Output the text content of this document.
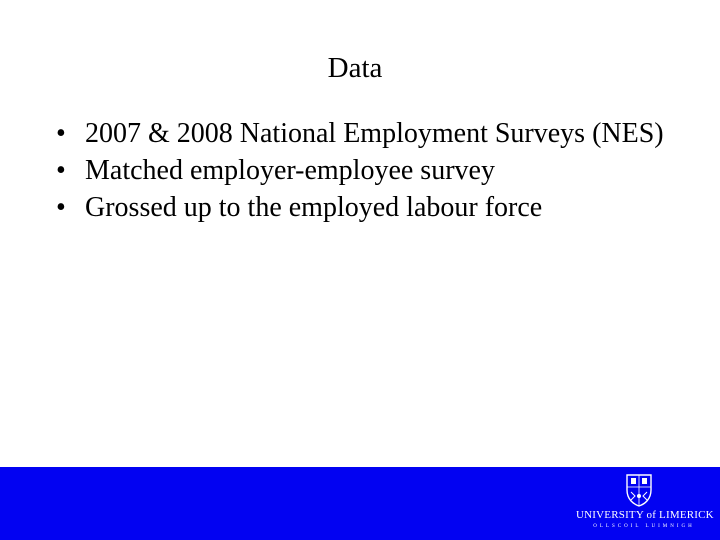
Data
• 2007 & 2008 National Employment Surveys (NES)
• Matched employer-employee survey
• Grossed up to the employed labour force
UNIVERSITY of LIMERICK
OLLSCOIL LUIMNIGH
